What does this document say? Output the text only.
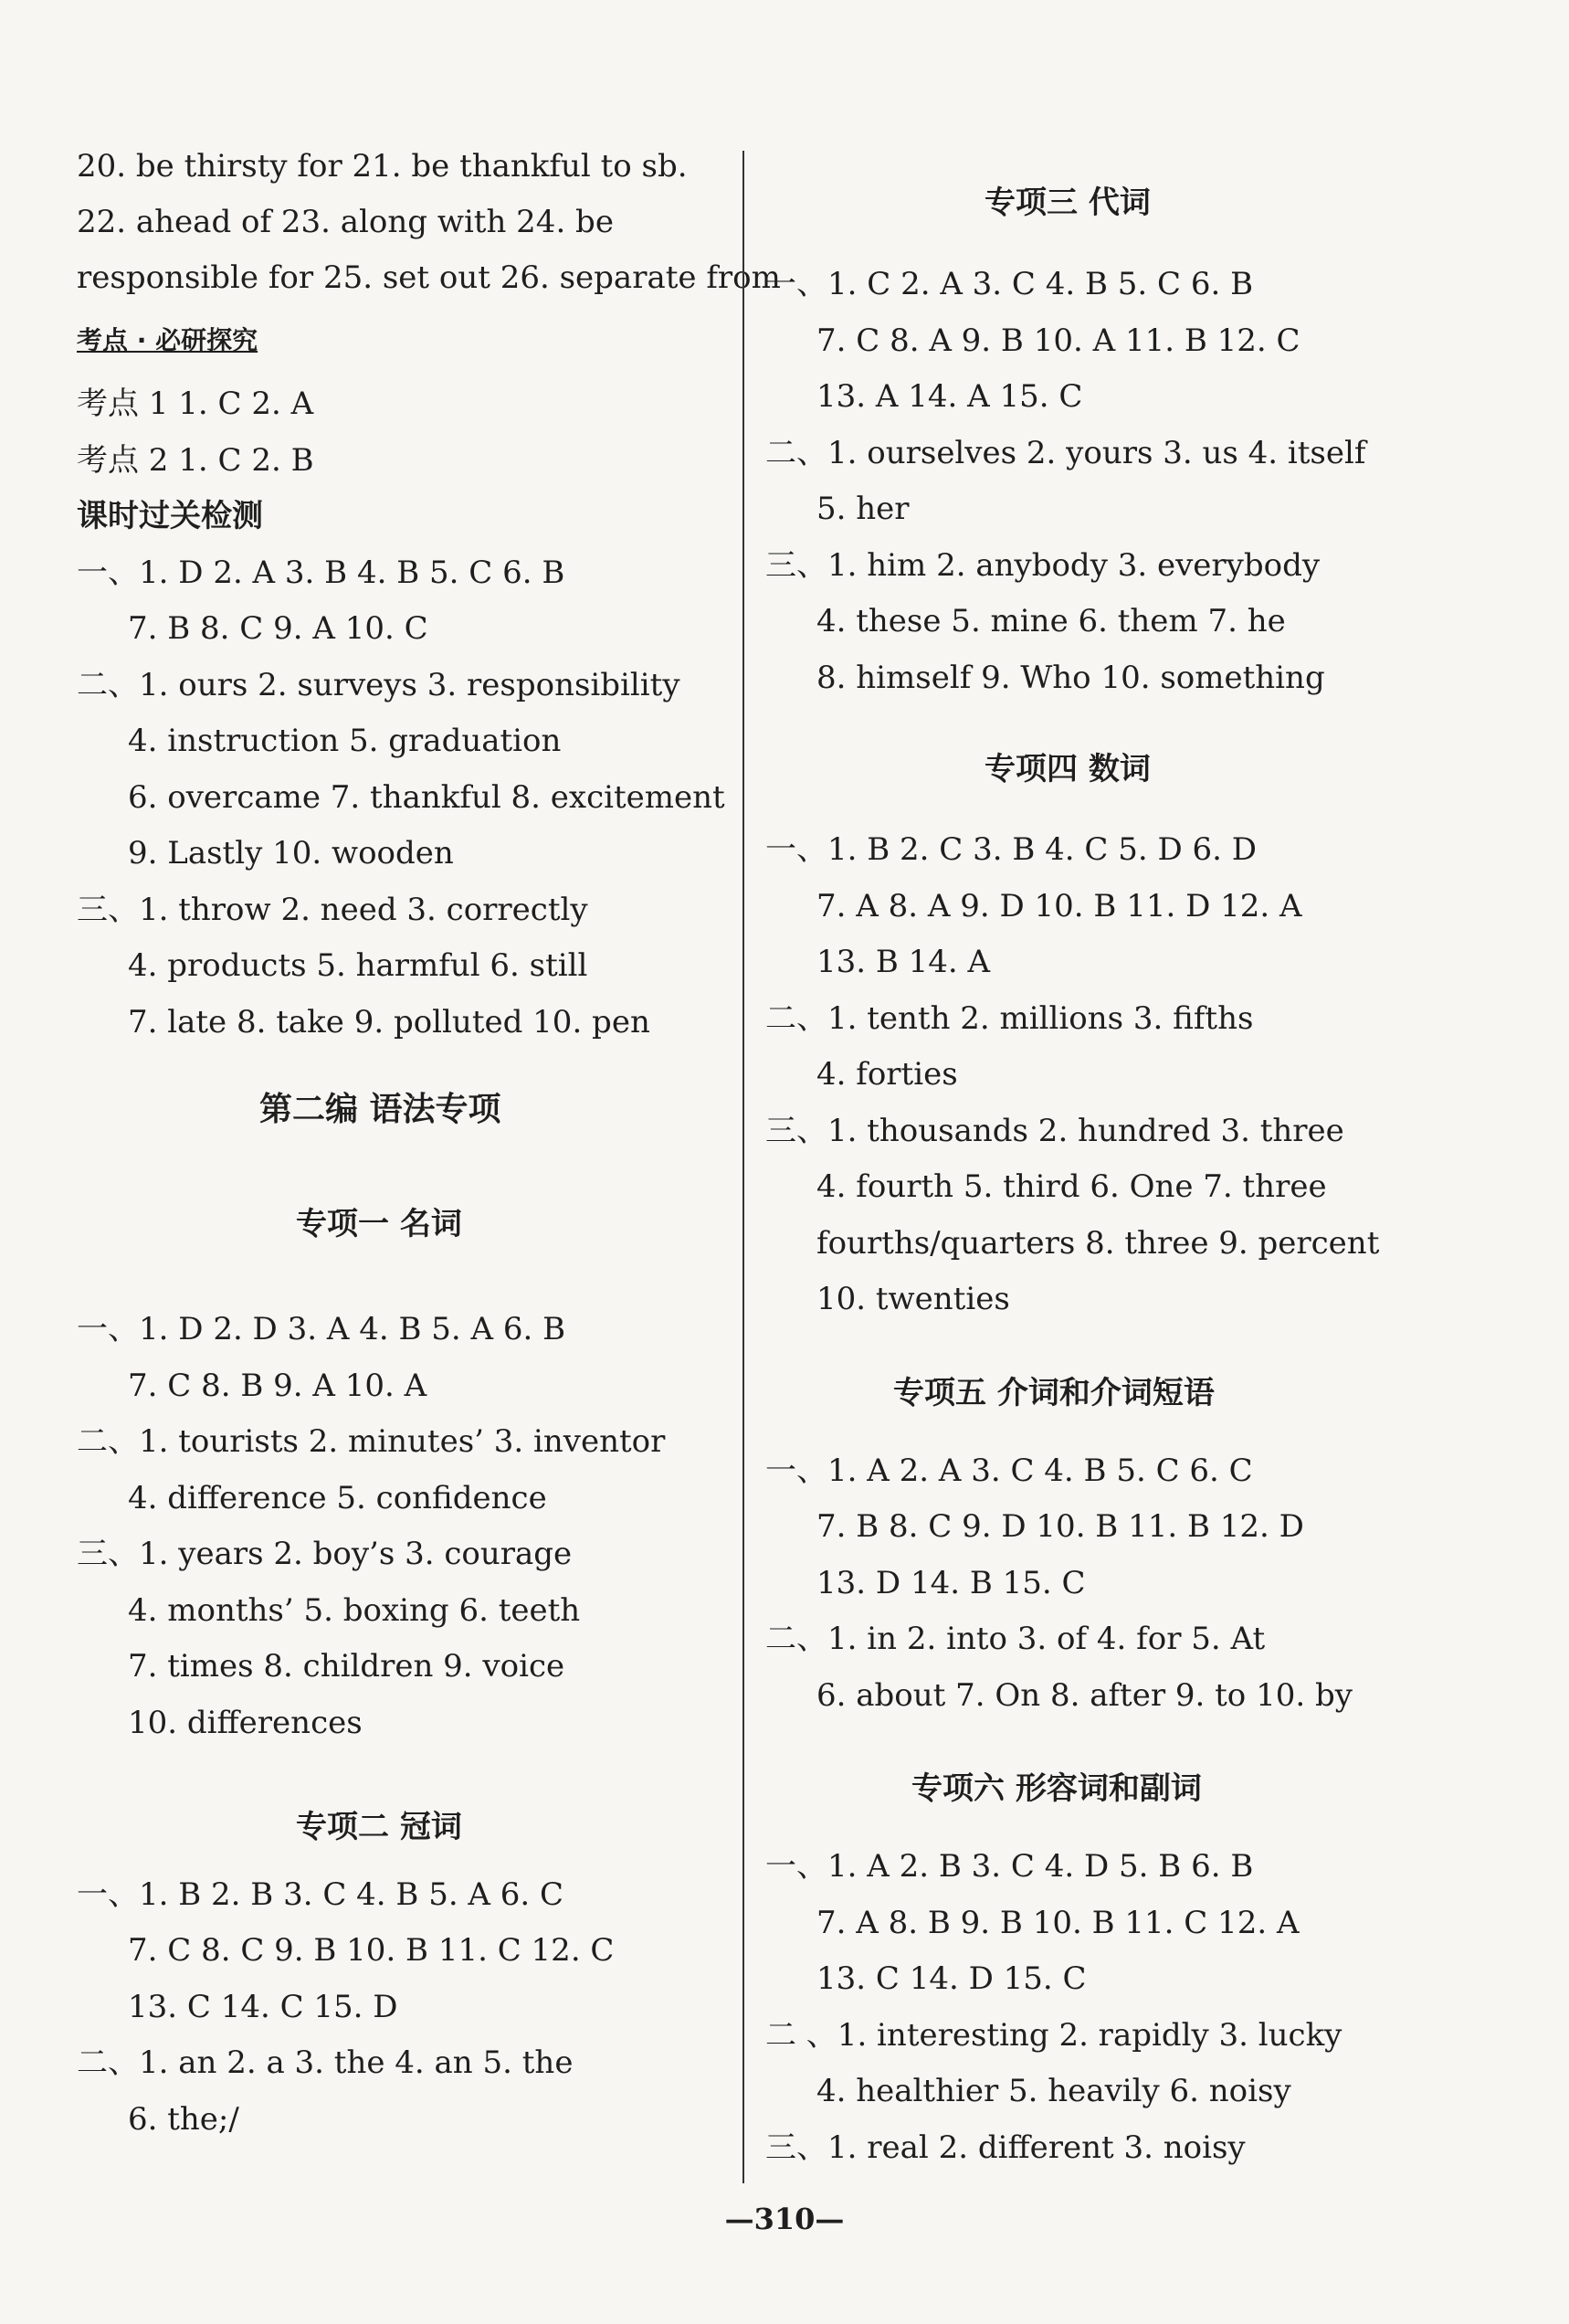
20. be thirsty for 21. be thankful to sb.
22. ahead of 23. along with 24. be
responsible for 25. set out 26. separate from
考点 · 必研探究
考点 1 1. C 2. A
考点 2 1. C 2. B
课时过关检测
一、1. D 2. A 3. B 4. B 5. C 6. B
7. B 8. C 9. A 10. C
二、1. ours 2. surveys 3. responsibility
4. instruction 5. graduation
6. overcame 7. thankful 8. excitement
9. Lastly 10. wooden
三、1. throw 2. need 3. correctly
4. products 5. harmful 6. still
7. late 8. take 9. polluted 10. pen
第二编 语法专项
专项一 名词
一、1. D 2. D 3. A 4. B 5. A 6. B
7. C 8. B 9. A 10. A
二、1. tourists 2. minutes’ 3. inventor
4. difference 5. confidence
三、1. years 2. boy’s 3. courage
4. months’ 5. boxing 6. teeth
7. times 8. children 9. voice
10. differences
专项二 冠词
一、1. B 2. B 3. C 4. B 5. A 6. C
7. C 8. C 9. B 10. B 11. C 12. C
13. C 14. C 15. D
二、1. an 2. a 3. the 4. an 5. the
6. the;/
专项三 代词
一、1. C 2. A 3. C 4. B 5. C 6. B
7. C 8. A 9. B 10. A 11. B 12. C
13. A 14. A 15. C
二、1. ourselves 2. yours 3. us 4. itself
5. her
三、1. him 2. anybody 3. everybody
4. these 5. mine 6. them 7. he
8. himself 9. Who 10. something
专项四 数词
一、1. B 2. C 3. B 4. C 5. D 6. D
7. A 8. A 9. D 10. B 11. D 12. A
13. B 14. A
二、1. tenth 2. millions 3. fifths
4. forties
三、1. thousands 2. hundred 3. three
4. fourth 5. third 6. One 7. three
fourths/quarters 8. three 9. percent
10. twenties
专项五 介词和介词短语
一、1. A 2. A 3. C 4. B 5. C 6. C
7. B 8. C 9. D 10. B 11. B 12. D
13. D 14. B 15. C
二、1. in 2. into 3. of 4. for 5. At
6. about 7. On 8. after 9. to 10. by
专项六 形容词和副词
一、1. A 2. B 3. C 4. D 5. B 6. B
7. A 8. B 9. B 10. B 11. C 12. A
13. C 14. D 15. C
二 、1. interesting 2. rapidly 3. lucky
4. healthier 5. heavily 6. noisy
三、1. real 2. different 3. noisy
—310—
